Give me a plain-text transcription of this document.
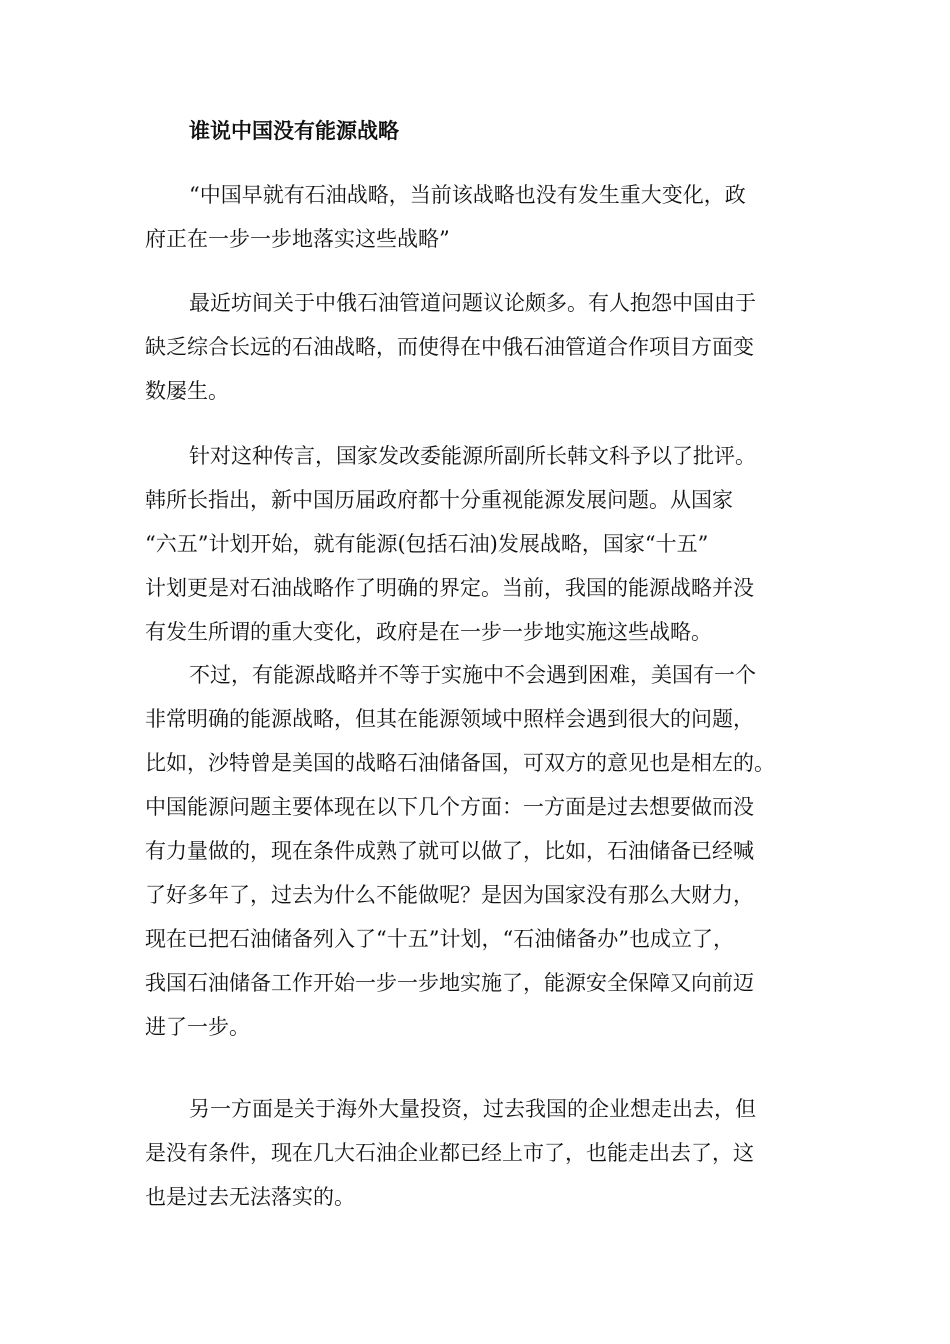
谁说中国没有能源战略

“中国早就有石油战略，当前该战略也没有发生重大变化，政
府正在一步一步地落实这些战略”

最近坊间关于中俄石油管道问题议论颇多。有人抱怨中国由于
缺乏综合长远的石油战略，而使得在中俄石油管道合作项目方面变
数屡生。

针对这种传言，国家发改委能源所副所长韩文科予以了批评。
韩所长指出，新中国历届政府都十分重视能源发展问题。从国家
“六五”计划开始，就有能源(包括石油)发展战略，国家“十五”
计划更是对石油战略作了明确的界定。当前，我国的能源战略并没
有发生所谓的重大变化，政府是在一步一步地实施这些战略。

不过，有能源战略并不等于实施中不会遇到困难，美国有一个
非常明确的能源战略，但其在能源领域中照样会遇到很大的问题，
比如，沙特曾是美国的战略石油储备国，可双方的意见也是相左的。
中国能源问题主要体现在以下几个方面：一方面是过去想要做而没
有力量做的，现在条件成熟了就可以做了，比如，石油储备已经喊
了好多年了，过去为什么不能做呢？是因为国家没有那么大财力，
现在已把石油储备列入了“十五”计划，“石油储备办”也成立了，
我国石油储备工作开始一步一步地实施了，能源安全保障又向前迈
进了一步。

另一方面是关于海外大量投资，过去我国的企业想走出去，但
是没有条件，现在几大石油企业都已经上市了，也能走出去了，这
也是过去无法落实的。
